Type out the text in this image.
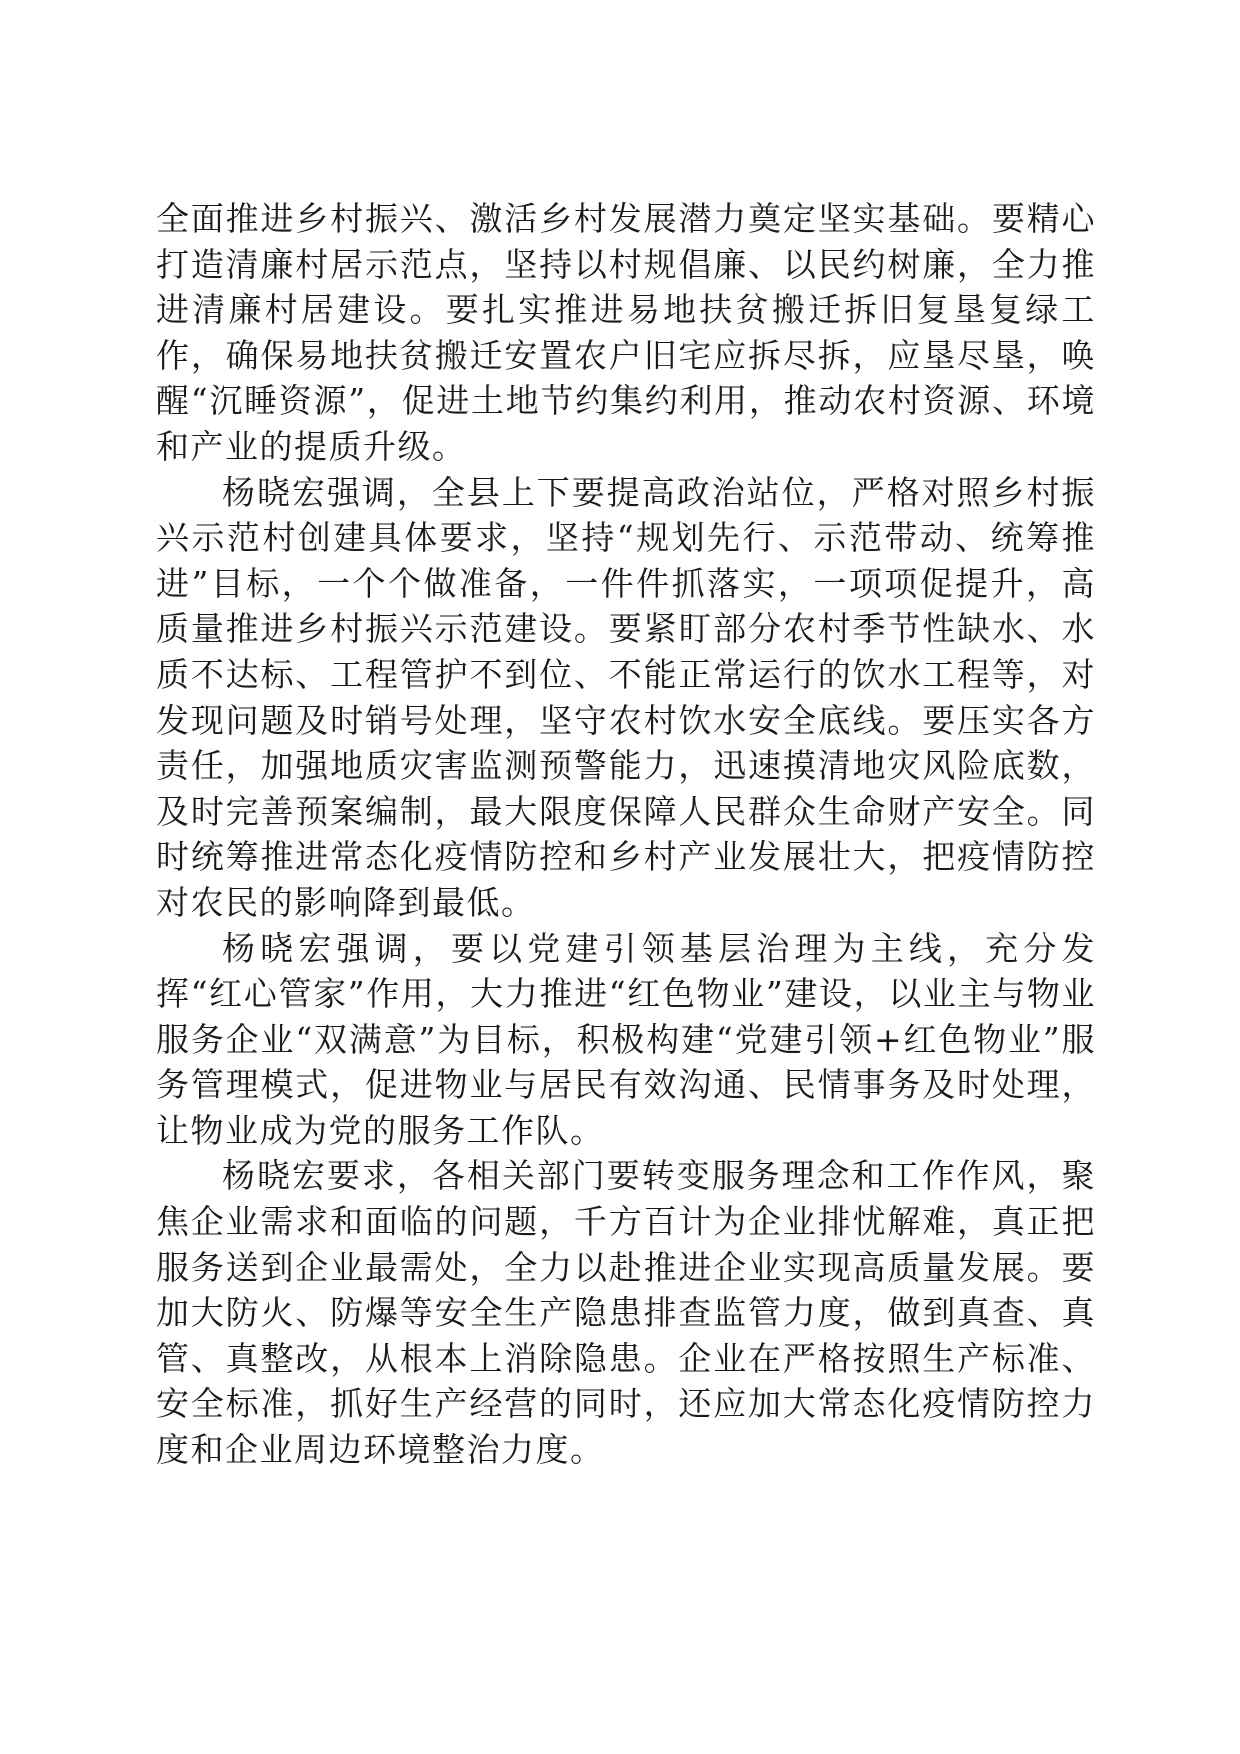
全面推进乡村振兴、激活乡村发展潜力奠定坚实基础。要精心打造清廉村居示范点，坚持以村规倡廉、以民约树廉，全力推进清廉村居建设。要扎实推进易地扶贫搬迁拆旧复垦复绿工作，确保易地扶贫搬迁安置农户旧宅应拆尽拆，应垦尽垦，唤醒“沉睡资源”，促进土地节约集约利用，推动农村资源、环境和产业的提质升级。

杨晓宏强调，全县上下要提高政治站位，严格对照乡村振兴示范村创建具体要求，坚持“规划先行、示范带动、统筹推进”目标，一个个做准备，一件件抓落实，一项项促提升，高质量推进乡村振兴示范建设。要紧盯部分农村季节性缺水、水质不达标、工程管护不到位、不能正常运行的饮水工程等，对发现问题及时销号处理，坚守农村饮水安全底线。要压实各方责任，加强地质灾害监测预警能力，迅速摸清地灾风险底数，及时完善预案编制，最大限度保障人民群众生命财产安全。同时统筹推进常态化疫情防控和乡村产业发展壮大，把疫情防控对农民的影响降到最低。

杨晓宏强调，要以党建引领基层治理为主线，充分发挥“红心管家”作用，大力推进“红色物业”建设，以业主与物业服务企业“双满意”为目标，积极构建“党建引领+红色物业”服务管理模式，促进物业与居民有效沟通、民情事务及时处理，让物业成为党的服务工作队。

杨晓宏要求，各相关部门要转变服务理念和工作作风，聚焦企业需求和面临的问题，千方百计为企业排忧解难，真正把服务送到企业最需处，全力以赴推进企业实现高质量发展。要加大防火、防爆等安全生产隐患排查监管力度，做到真查、真管、真整改，从根本上消除隐患。企业在严格按照生产标准、安全标准，抓好生产经营的同时，还应加大常态化疫情防控力度和企业周边环境整治力度。
